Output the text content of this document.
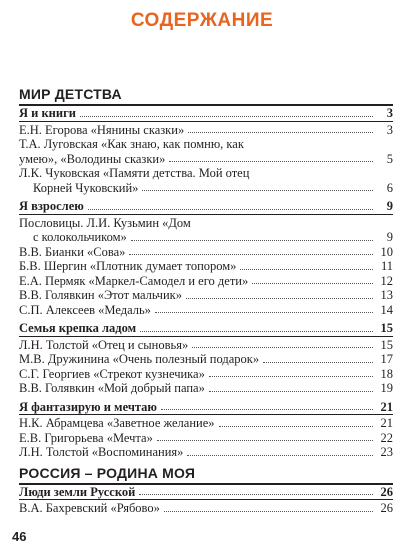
СОДЕРЖАНИЕ
МИР ДЕТСТВА
Я и книги	3
Е.Н. Егорова «Нянины сказки»	3
Т.А. Луговская «Как знаю, как помню, как
умею», «Володины сказки»	5
Л.К. Чуковская «Памяти детства. Мой отец
Корней Чуковский»	6
Я взрослею	9
Пословицы. Л.И. Кузьмин «Дом
с колокольчиком»	9
В.В. Бианки «Сова»	10
Б.В. Шергин «Плотник думает топором»	11
Е.А. Пермяк «Маркел-Самодел и его дети»	12
В.В. Голявкин «Этот мальчик»	13
С.П. Алексеев «Медаль»	14
Семья крепка ладом	15
Л.Н. Толстой «Отец и сыновья»	15
М.В. Дружинина «Очень полезный подарок»	17
С.Г. Георгиев «Стрекот кузнечика»	18
В.В. Голявкин «Мой добрый папа»	19
Я фантазирую и мечтаю	21
Н.К. Абрамцева «Заветное желание»	21
Е.В. Григорьева «Мечта»	22
Л.Н. Толстой «Воспоминания»	23
РОССИЯ – РОДИНА МОЯ
Люди земли Русской	26
В.А. Бахревский «Рябово»	26
46
